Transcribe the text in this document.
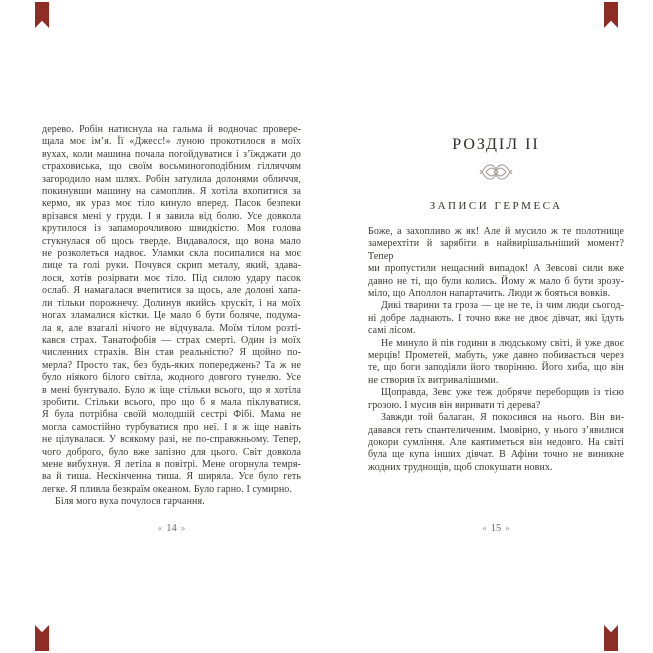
дерево. Робін натиснула на гальма й водночас провере-
щала моє ім’я. Її «Джесс!» луною прокотилося в моїх
вухах, коли машина почала погойдуватися і з’їжджати до
страховиська, що своїм восьминогоподібним гілляччям
загородило нам шлях. Робін затулила долонями обличчя,
покинувши машину на самоплив. Я хотіла вхопитися за
кермо, як ураз моє тіло кинуло вперед. Пасок безпеки
врізався мені у груди. І я завила від болю. Усе довкола
крутилося із запаморочливою швидкістю. Моя голова
стукнулася об щось тверде. Видавалося, що вона мало
не розколеться надвоє. Уламки скла посипалися на моє
лице та голі руки. Почувся скрип металу, який, здава-
лося, хотів розірвати моє тіло. Під силою удару пасок
ослаб. Я намагалася вчепитися за щось, але долоні хапа-
ли тільки порожнечу. Долинув якийсь хрускіт, і на моїх
ногах зламалися кістки. Це мало б бути боляче, подума-
ла я, але взагалі нічого не відчувала. Моїм тілом розті-
кався страх. Танатофобія — страх смерті. Один із моїх
численних страхів. Він став реальністю? Я щойно по-
мерла? Просто так, без будь-яких попереджень? Та ж не
було ніякого білого світла, жодного довгого тунелю. Усе
в мені бунтувало. Було ж іще стільки всього, що я хотіла
зробити. Стільки всього, про що б я мала піклуватися.
Я була потрібна своїй молодшій сестрі Фібі. Мама не
могла самостійно турбуватися про неї. І я ж іще навіть
не цілувалася. У всякому разі, не по-справжньому. Тепер,
чого доброго, було вже запізно для цього. Світ довкола
мене вибухнув. Я летіла в повітрі. Мене огорнула темря-
ва й тиша. Нескінченна тиша. Я ширяла. Усе було геть
легке. Я пливла безкраїм океаном. Було гарно. І сумирно.
Біля мого вуха почулося гарчання.
« 14 »
РОЗДІЛ II
ЗАПИСИ ГЕРМЕСА
Боже, а захопливо ж як! Але й мусило ж те полотнище
замерехтіти й зарябіти в найвирішальніший момент? Тепер
ми пропустили нещасний випадок! А Зевсові сили вже
давно не ті, що були колись. Йому ж мало б бути зрозу-
міло, що Аполлон напартачить. Люди ж бояться вовків.
Дикі тварини та гроза — це не те, із чим люди сьогод-
ні добре ладнають. І точно вже не двоє дівчат, які їдуть
самі лісом.
Не минуло й пів години в людському світі, й уже двоє
мерців! Прометей, мабуть, уже давно побивається через
те, що боги заподіяли його творінню. Його хиба, що він
не створив їх витривалішими.
Щоправда, Зевс уже теж добряче переборщив із тією
грозою. І мусив він виривати ті дерева?
Завжди той балаган. Я покосився на нього. Він ви-
давався геть спантеличеним. Імовірно, у нього з’явилися
докори сумління. Але каятиметься він недовго. На світі
була ще купа інших дівчат. В Афіни точно не виникне
жодних труднощів, щоб спокушати нових.
« 15 »
